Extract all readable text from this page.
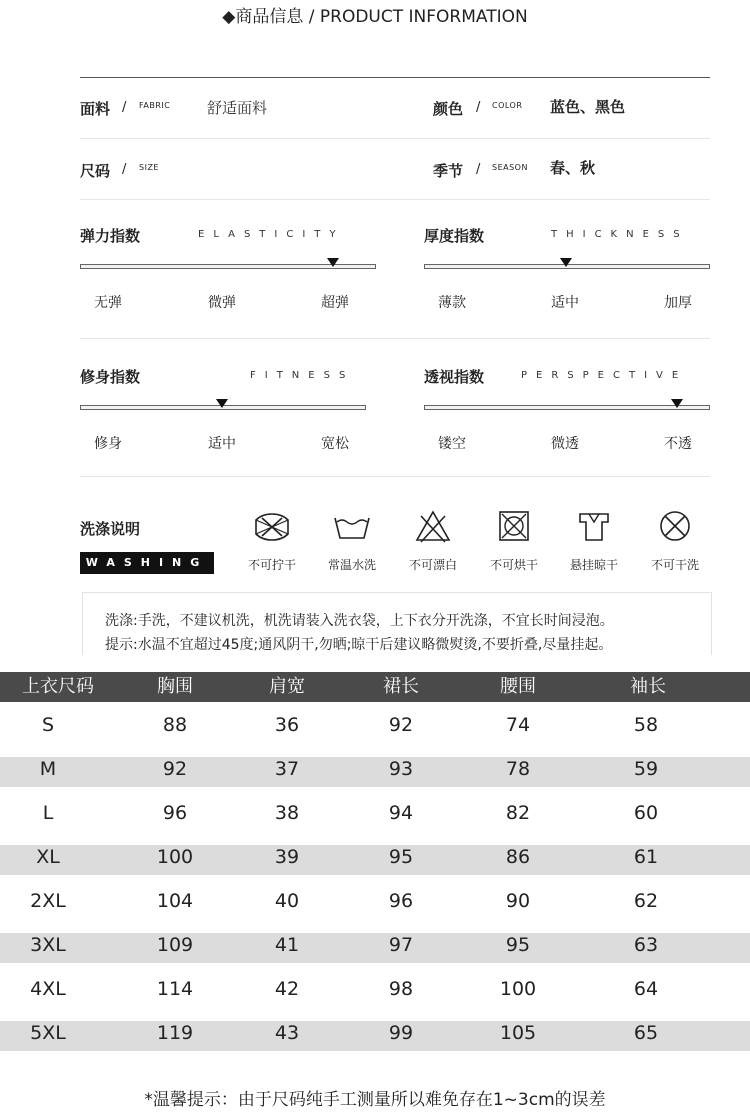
◆商品信息 / PRODUCT INFORMATION
面料 / FABRIC 舒适面料	颜色 / COLOR 蓝色、黑色
尺码 / SIZE	季节 / SEASON 春、秋
弹力指数	ELASTICITY
无弹	微弹	超弹
厚度指数	THICKNESS
薄款	适中	加厚
修身指数	FITNESS
修身	适中	宽松
透视指数	PERSPECTIVE
镂空	微透	不透
洗涤说明
WASHING	不可拧干	常温水洗	不可漂白	不可烘干	悬挂晾干	不可干洗
洗涤:手洗，不建议机洗，机洗请装入洗衣袋，上下衣分开洗涤，不宜长时间浸泡。
提示:水温不宜超过45度;通风阴干,勿晒;晾干后建议略微熨烫,不要折叠,尽量挂起。
上衣尺码	胸围	肩宽	裙长	腰围	袖长
S	88	36	92	74	58
M	92	37	93	78	59
L	96	38	94	82	60
XL	100	39	95	86	61
2XL	104	40	96	90	62
3XL	109	41	97	95	63
4XL	114	42	98	100	64
5XL	119	43	99	105	65
*温馨提示：由于尺码纯手工测量所以难免存在1~3cm的误差
